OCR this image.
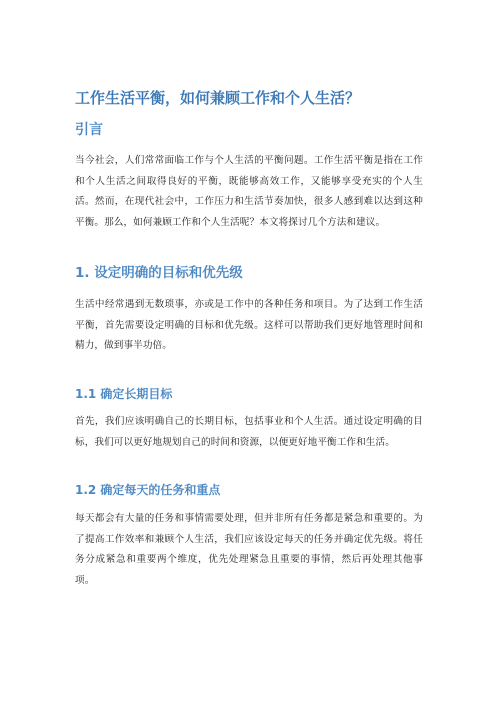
工作生活平衡，如何兼顾工作和个人生活？
引言

当今社会，人们常常面临工作与个人生活的平衡问题。工作生活平衡是指在工作和个人生活之间取得良好的平衡，既能够高效工作，又能够享受充实的个人生活。然而，在现代社会中，工作压力和生活节奏加快，很多人感到难以达到这种平衡。那么，如何兼顾工作和个人生活呢？本文将探讨几个方法和建议。

1. 设定明确的目标和优先级

生活中经常遇到无数琐事，亦或是工作中的各种任务和项目。为了达到工作生活平衡，首先需要设定明确的目标和优先级。这样可以帮助我们更好地管理时间和精力，做到事半功倍。

1.1 确定长期目标

首先，我们应该明确自己的长期目标，包括事业和个人生活。通过设定明确的目标，我们可以更好地规划自己的时间和资源，以便更好地平衡工作和生活。

1.2 确定每天的任务和重点

每天都会有大量的任务和事情需要处理，但并非所有任务都是紧急和重要的。为了提高工作效率和兼顾个人生活，我们应该设定每天的任务并确定优先级。将任务分成紧急和重要两个维度，优先处理紧急且重要的事情，然后再处理其他事项。
